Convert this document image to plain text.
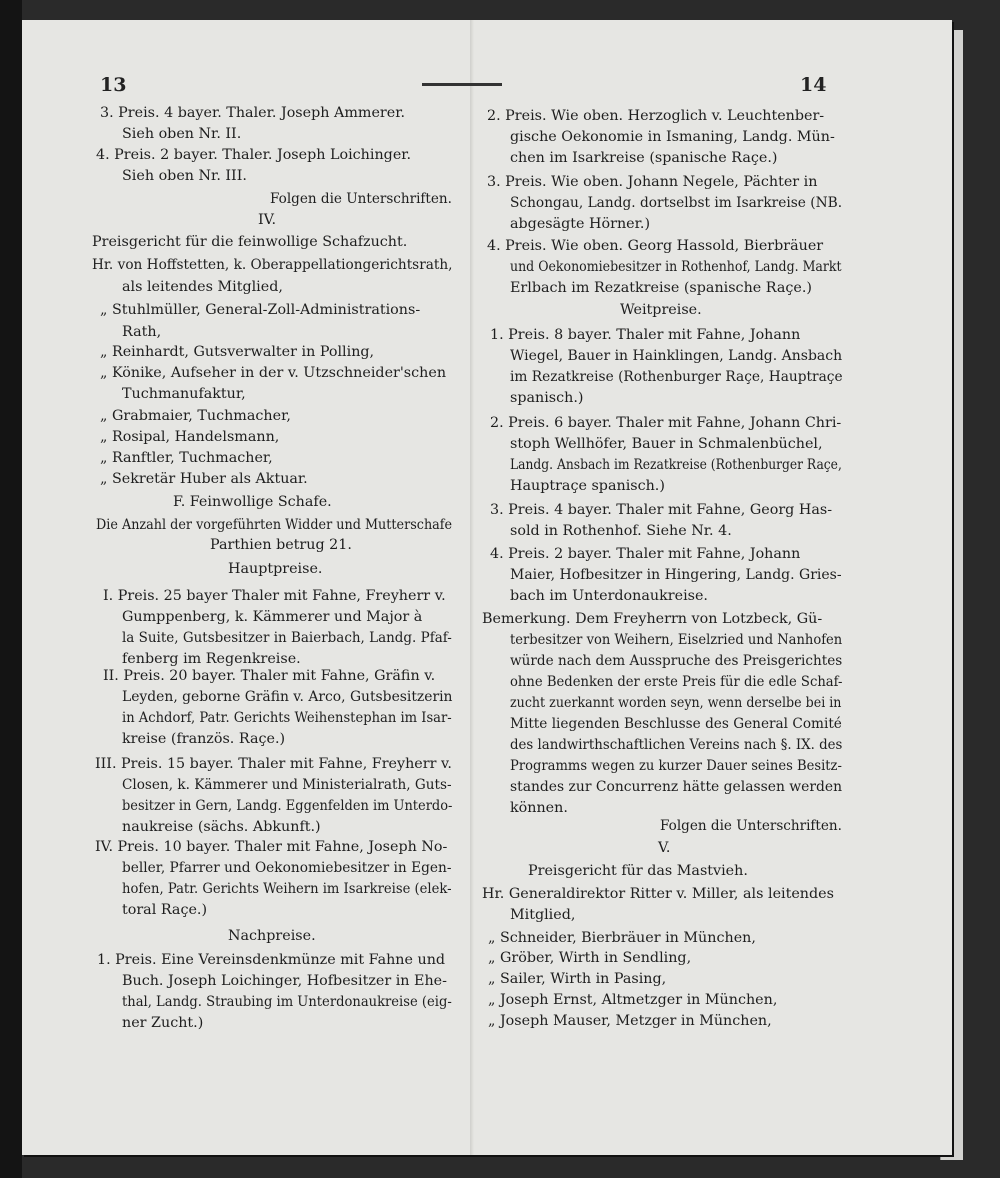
13	14
3. Preis. 4 bayer. Thaler. Joseph Ammerer.
Sieh oben Nr. II.
4. Preis. 2 bayer. Thaler. Joseph Loichinger.
Sieh oben Nr. III.
Folgen die Unterschriften.
IV.
Preisgericht für die feinwollige Schafzucht.
Hr. von Hoffstetten, k. Oberappellationgerichtsrath,
als leitendes Mitglied,
„ Stuhlmüller, General-Zoll-Administrations-
Rath,
„ Reinhardt, Gutsverwalter in Polling,
„ Könike, Aufseher in der v. Utzschneider'schen
Tuchmanufaktur,
„ Grabmaier, Tuchmacher,
„ Rosipal, Handelsmann,
„ Ranftler, Tuchmacher,
„ Sekretär Huber als Aktuar.
F. Feinwollige Schafe.
Die Anzahl der vorgeführten Widder und Mutterschafe
Parthien betrug 21.
Hauptpreise.
I. Preis. 25 bayer Thaler mit Fahne, Freyherr v.
Gumppenberg, k. Kämmerer und Major à
la Suite, Gutsbesitzer in Baierbach, Landg. Pfaf-
fenberg im Regenkreise.
II. Preis. 20 bayer. Thaler mit Fahne, Gräfin v.
Leyden, geborne Gräfin v. Arco, Gutsbesitzerin
in Achdorf, Patr. Gerichts Weihenstephan im Isar-
kreise (französ. Raçe.)
III. Preis. 15 bayer. Thaler mit Fahne, Freyherr v.
Closen, k. Kämmerer und Ministerialrath, Guts-
besitzer in Gern, Landg. Eggenfelden im Unterdo-
naukreise (sächs. Abkunft.)
IV. Preis. 10 bayer. Thaler mit Fahne, Joseph No-
beller, Pfarrer und Oekonomiebesitzer in Egen-
hofen, Patr. Gerichts Weihern im Isarkreise (elek-
toral Raçe.)
Nachpreise.
1. Preis. Eine Vereinsdenkmünze mit Fahne und
Buch. Joseph Loichinger, Hofbesitzer in Ehe-
thal, Landg. Straubing im Unterdonaukreise (eig-
ner Zucht.)
2. Preis. Wie oben. Herzoglich v. Leuchtenber-
gische Oekonomie in Ismaning, Landg. Mün-
chen im Isarkreise (spanische Raçe.)
3. Preis. Wie oben. Johann Negele, Pächter in
Schongau, Landg. dortselbst im Isarkreise (NB.
abgesägte Hörner.)
4. Preis. Wie oben. Georg Hassold, Bierbräuer
und Oekonomiebesitzer in Rothenhof, Landg. Markt
Erlbach im Rezatkreise (spanische Raçe.)
Weitpreise.
1. Preis. 8 bayer. Thaler mit Fahne, Johann
Wiegel, Bauer in Hainklingen, Landg. Ansbach
im Rezatkreise (Rothenburger Raçe, Hauptraçe
spanisch.)
2. Preis. 6 bayer. Thaler mit Fahne, Johann Chri-
stoph Wellhöfer, Bauer in Schmalenbüchel,
Landg. Ansbach im Rezatkreise (Rothenburger Raçe,
Hauptraçe spanisch.)
3. Preis. 4 bayer. Thaler mit Fahne, Georg Has-
sold in Rothenhof. Siehe Nr. 4.
4. Preis. 2 bayer. Thaler mit Fahne, Johann
Maier, Hofbesitzer in Hingering, Landg. Gries-
bach im Unterdonaukreise.
Bemerkung. Dem Freyherrn von Lotzbeck, Gü-
terbesitzer von Weihern, Eiselzried und Nanhofen
würde nach dem Ausspruche des Preisgerichtes
ohne Bedenken der erste Preis für die edle Schaf-
zucht zuerkannt worden seyn, wenn derselbe bei in
Mitte liegenden Beschlusse des General Comité
des landwirthschaftlichen Vereins nach §. IX. des
Programms wegen zu kurzer Dauer seines Besitz-
standes zur Concurrenz hätte gelassen werden
können.
Folgen die Unterschriften.
V.
Preisgericht für das Mastvieh.
Hr. Generaldirektor Ritter v. Miller, als leitendes
Mitglied,
„ Schneider, Bierbräuer in München,
„ Gröber, Wirth in Sendling,
„ Sailer, Wirth in Pasing,
„ Joseph Ernst, Altmetzger in München,
„ Joseph Mauser, Metzger in München,
